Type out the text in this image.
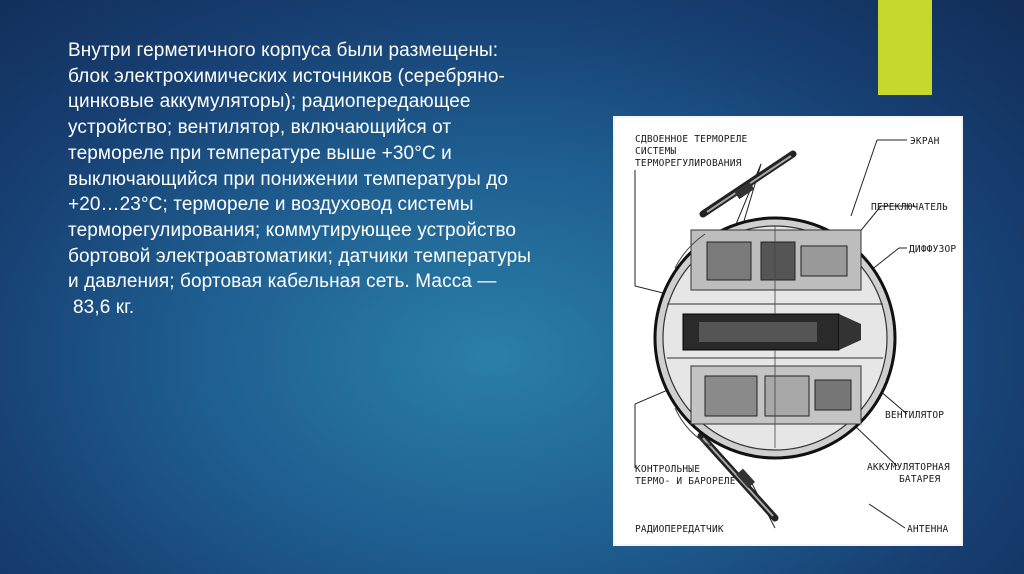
Внутри герметичного корпуса были размещены: блок электрохимических источников (серебряно-цинковые аккумуляторы); радиопередающее устройство; вентилятор, включающийся от термореле при температуре выше +30°C и выключающийся при понижении температуры до +20…23°C; термореле и воздуховод системы терморегулирования; коммутирующее устройство бортовой электроавтоматики; датчики температуры и давления; бортовая кабельная сеть. Масса —

83,6 кг.

СДВОЕННОЕ ТЕРМОРЕЛЕ
СИСТЕМЫ
ТЕРМОРЕГУЛИРОВАНИЯ
ЭКРАН
ПЕРЕКЛЮЧАТЕЛЬ
ДИФФУЗОР
ВЕНТИЛЯТОР
АККУМУЛЯТОРНАЯ
БАТАРЕЯ
КОНТРОЛЬНЫЕ
ТЕРМО- И БАРОРЕЛЕ
РАДИОПЕРЕДАТЧИК	АНТЕННА
